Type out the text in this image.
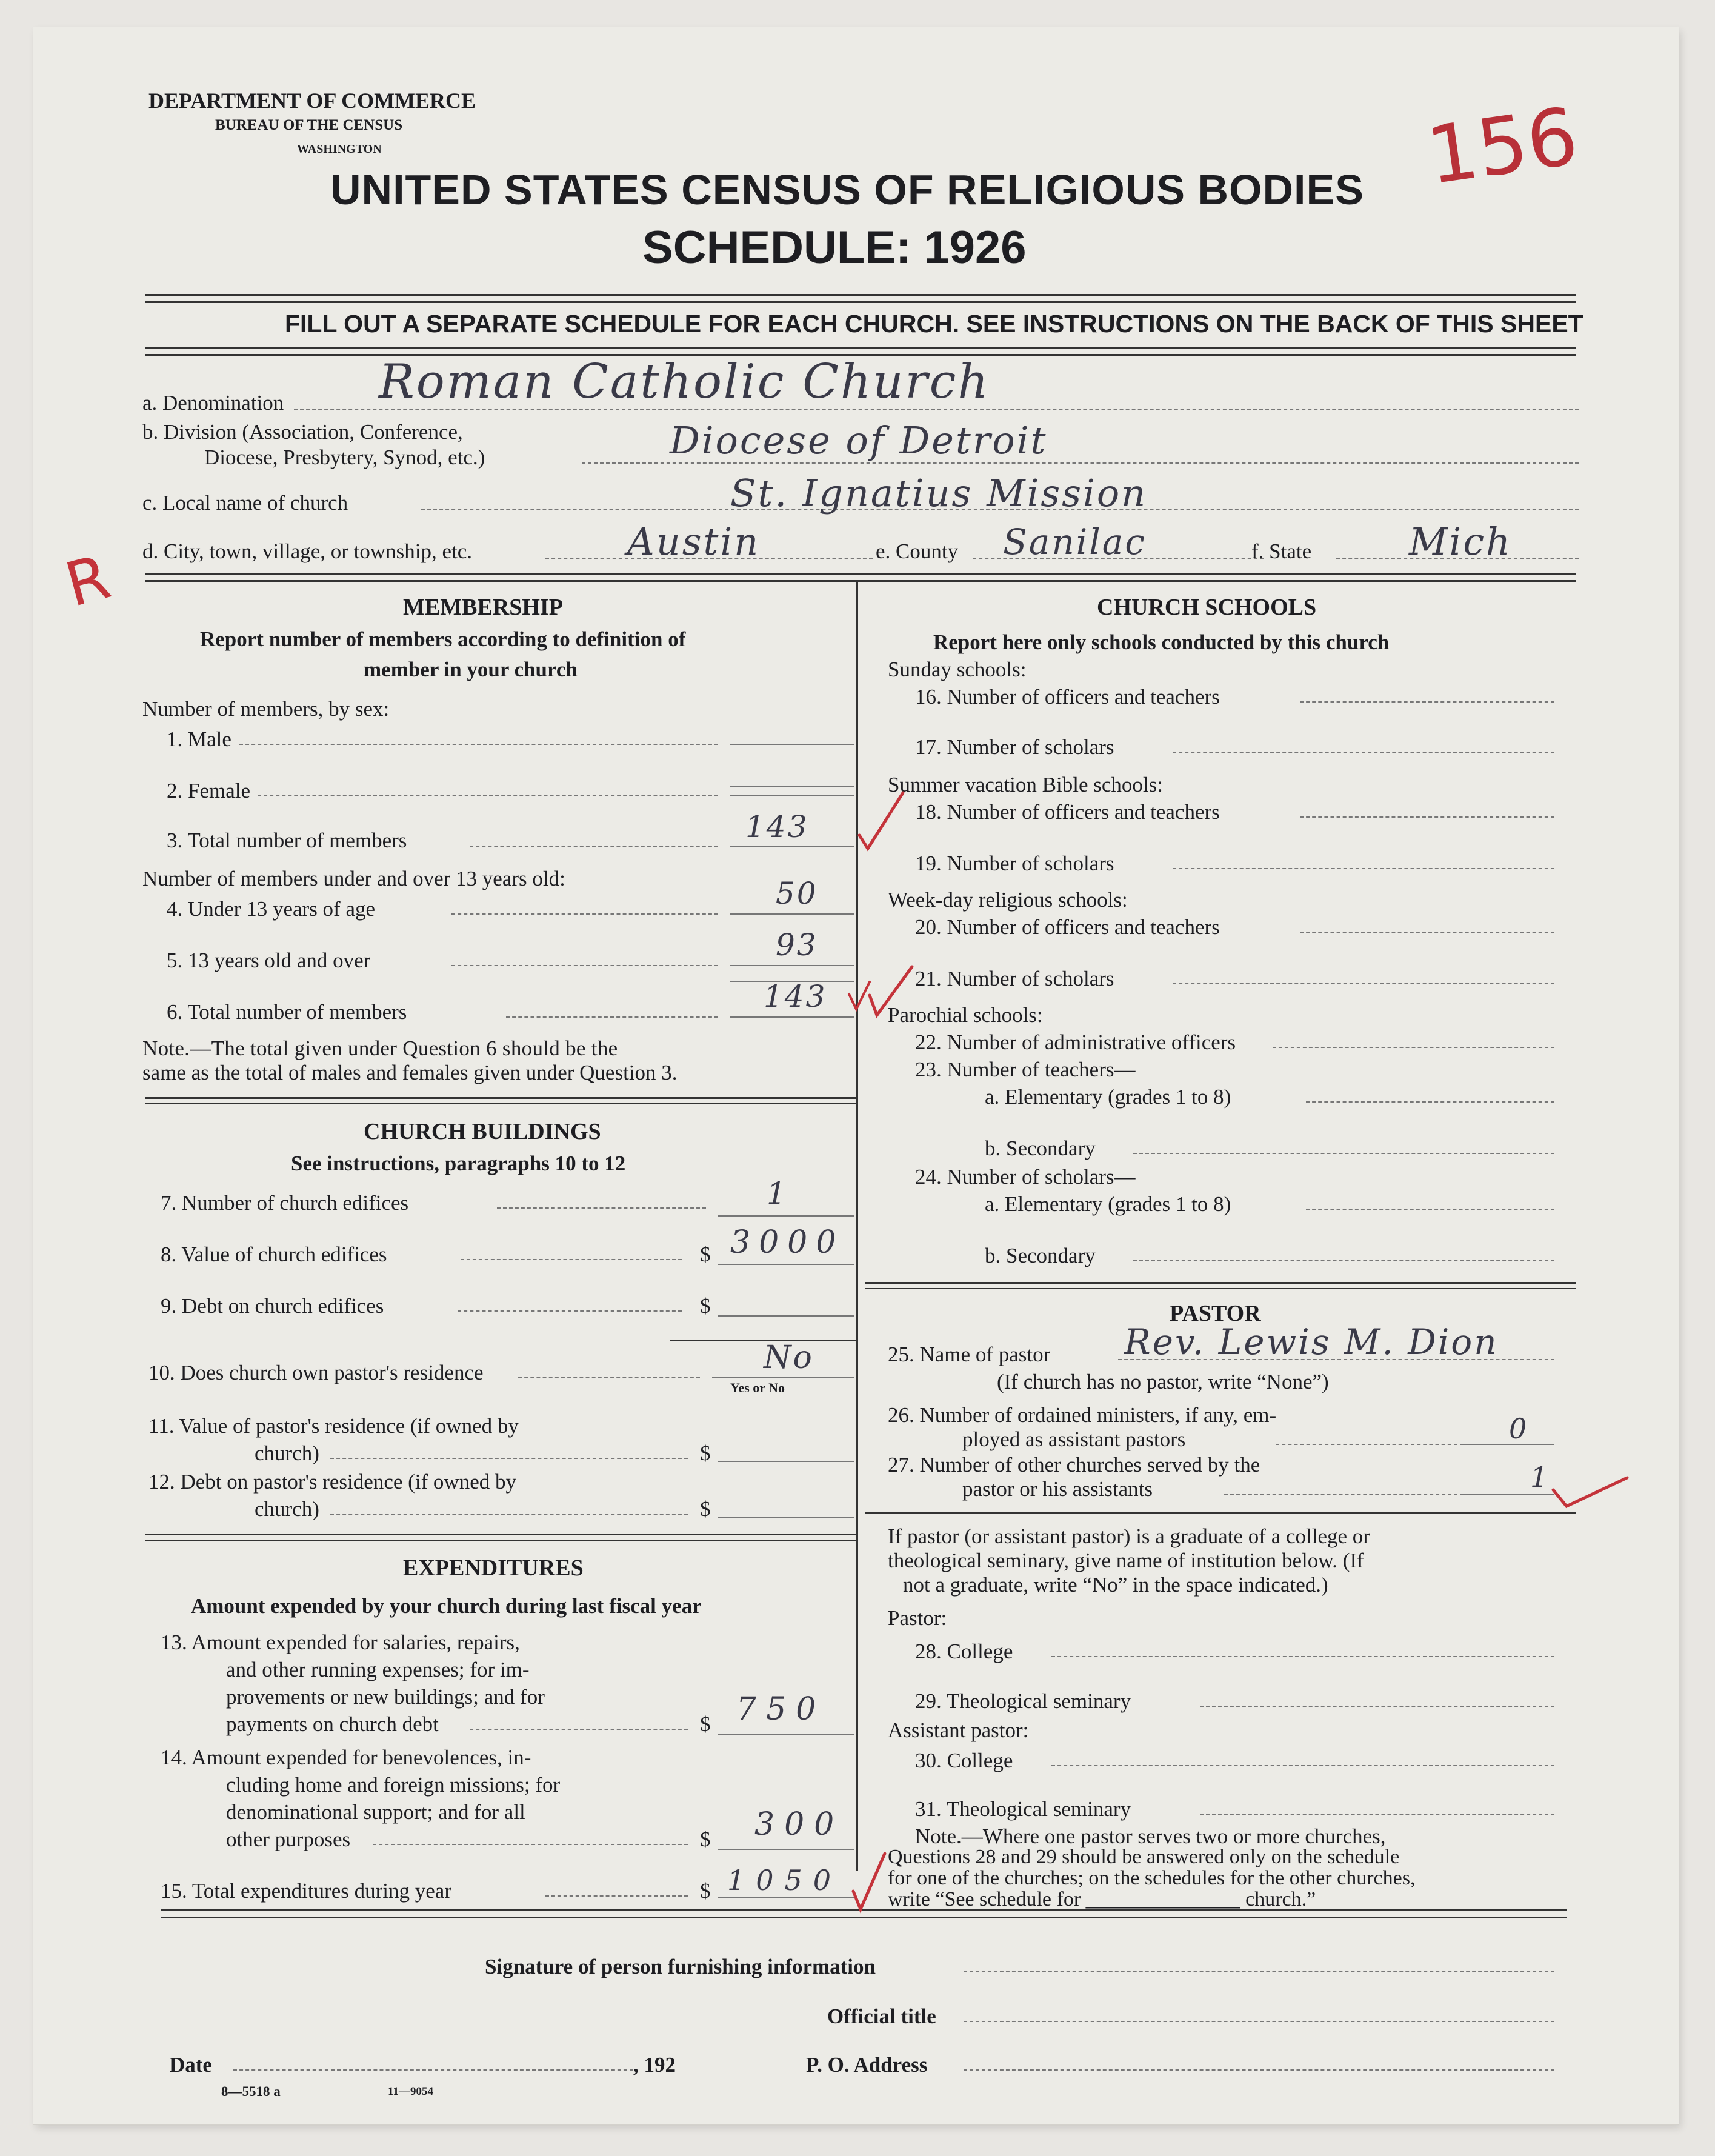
DEPARTMENT OF COMMERCE
BUREAU OF THE CENSUS
WASHINGTON	156
UNITED STATES CENSUS OF RELIGIOUS BODIES
SCHEDULE: 1926
FILL OUT A SEPARATE SCHEDULE FOR EACH CHURCH. SEE INSTRUCTIONS ON THE BACK OF THIS SHEET
R
a. Denomination Roman Catholic Church
b. Division (Association, Conference,
Diocese, Presbytery, Synod, etc.)	Diocese of Detroit
c. Local name of church	St. Ignatius Mission
d. City, town, village, or township, etc.	Austin	e. County Sanilac	f. State	Mich
MEMBERSHIP
Report number of members according to definition of
member in your church
Number of members, by sex:
1. Male
2. Female
3. Total number of members	143
Number of members under and over 13 years old:
4. Under 13 years of age	50
5. 13 years old and over	93
6. Total number of members	143
Note.—The total given under Question 6 should be the
same as the total of males and females given under Question 3.
CHURCH BUILDINGS
See instructions, paragraphs 10 to 12
7. Number of church edifices	1
8. Value of church edifices	$ 3000
9. Debt on church edifices	$
10. Does church own pastor's residence	No
Yes or No
11. Value of pastor's residence (if owned by
church)	$
12. Debt on pastor's residence (if owned by
church)	$
EXPENDITURES
Amount expended by your church during last fiscal year
13. Amount expended for salaries, repairs,
and other running expenses; for im-
provements or new buildings; and for
payments on church debt	$ 750
14. Amount expended for benevolences, in-
cluding home and foreign missions; for
denominational support; and for all
other purposes	$ 300
15. Total expenditures during year	$ 1050
CHURCH SCHOOLS
Report here only schools conducted by this church
Sunday schools:
16. Number of officers and teachers
17. Number of scholars
Summer vacation Bible schools:
18. Number of officers and teachers
19. Number of scholars
Week-day religious schools:
20. Number of officers and teachers
21. Number of scholars
Parochial schools:
22. Number of administrative officers
23. Number of teachers—
a. Elementary (grades 1 to 8)
b. Secondary
24. Number of scholars—
a. Elementary (grades 1 to 8)
b. Secondary
PASTOR
25. Name of pastor Rev. Lewis M. Dion
(If church has no pastor, write “None”)
26. Number of ordained ministers, if any, em-
ployed as assistant pastors	0
27. Number of other churches served by the
pastor or his assistants	1
If pastor (or assistant pastor) is a graduate of a college or
theological seminary, give name of institution below. (If
not a graduate, write “No” in the space indicated.)
Pastor:
28. College
29. Theological seminary
Assistant pastor:
30. College
31. Theological seminary
Note.—Where one pastor serves two or more churches,
Questions 28 and 29 should be answered only on the schedule
for one of the churches; on the schedules for the other churches,
write “See schedule for _______________ church.”
Signature of person furnishing information
Official title
Date	, 192	P. O. Address
8—5518 a	11—9054
